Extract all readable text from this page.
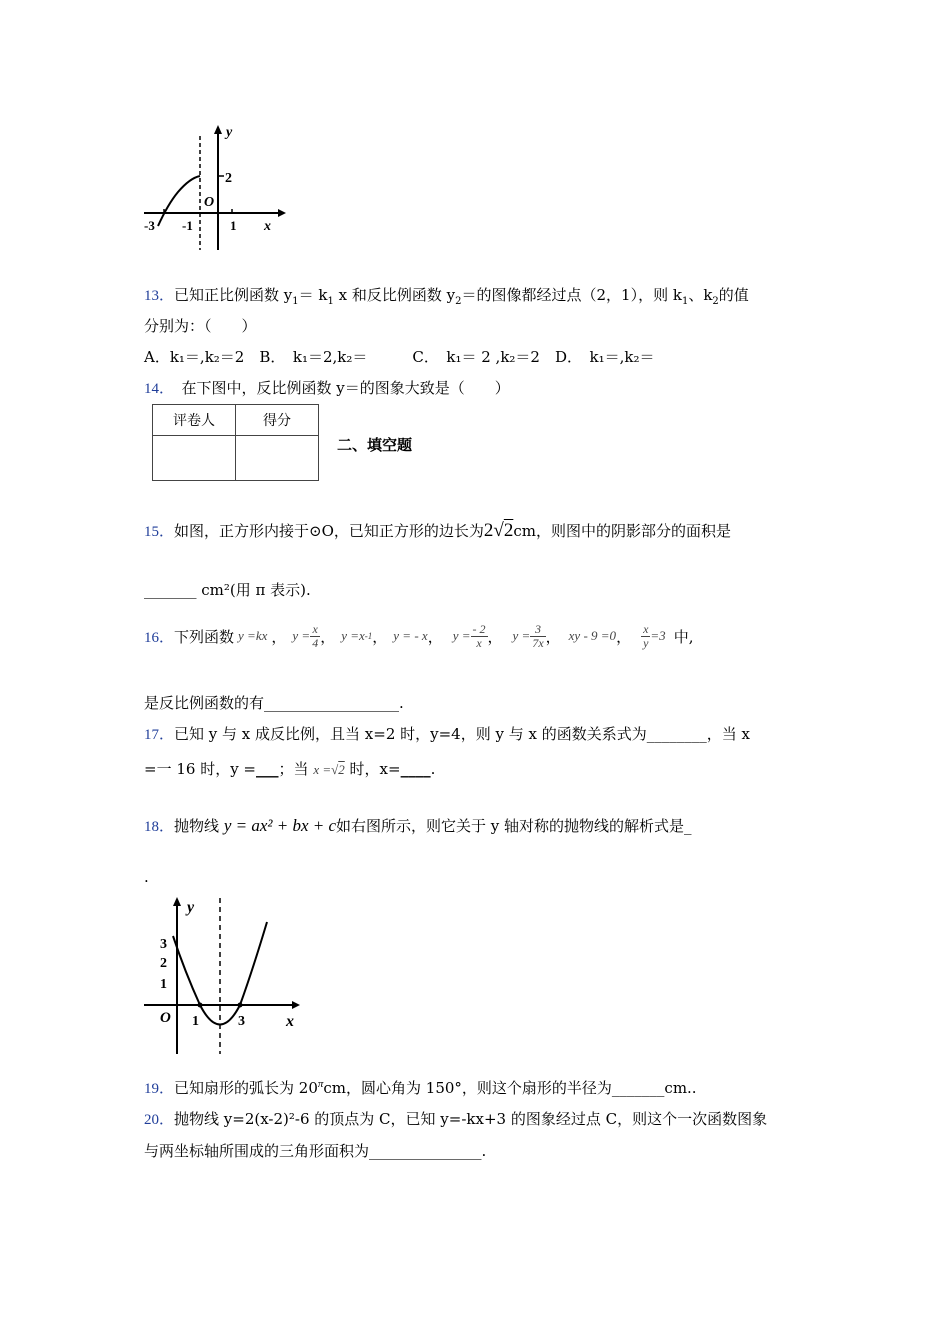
y
2
O
-3 -1	1 x
13．已知正比例函数 $y_1= k_1$ x 和反比例函数 $y_2=$的图像都经过点（2，1），则 $k_1$、$k_2$的值
分别为：（　　）
A．k₁＝,k₂＝2　B．　k₁＝2,k₂＝　　　C．　k₁＝ 2 ,k₂＝2　D．　k₁＝,k₂＝
14．　在下图中，反比例函数 y＝的图象大致是（　　）
评卷人	得分

二、填空题
15．如图，正方形内接于⊙O，已知正方形的边长为2√2cm，则图中的阴影部分的面积是
_______ cm²(用 π 表示).
16． 下列函数 y =kx ， $y = \frac{x}{4}$ ， y =x -1 ， y = - x ， $y = \frac{- 2}{x}$ ， $y = \frac{3}{7x}$ ， xy - 9 =0 ， $\frac{x}{y} =3$ 中,
是反比例函数的有__________________.
17．已知 y 与 x 成反比例，且当 x=2 时，y=4，则 y 与 x 的函数关系式为________，当 x
=一 16 时，y =___；当 x =√2 时，x=____.
18．抛物线 y = ax² + bx + c如右图所示，则它关于 y 轴对称的抛物线的解析式是_
.
y
3
2
1
O 1	3	x
19．已知扇形的弧长为 $20^\pi cm$，圆心角为 150°，则这个扇形的半径为_______cm..
20．抛物线 y=2(x-2)²-6 的顶点为 C，已知 y=-kx+3 的图象经过点 C，则这个一次函数图象
与两坐标轴所围成的三角形面积为_______________.
